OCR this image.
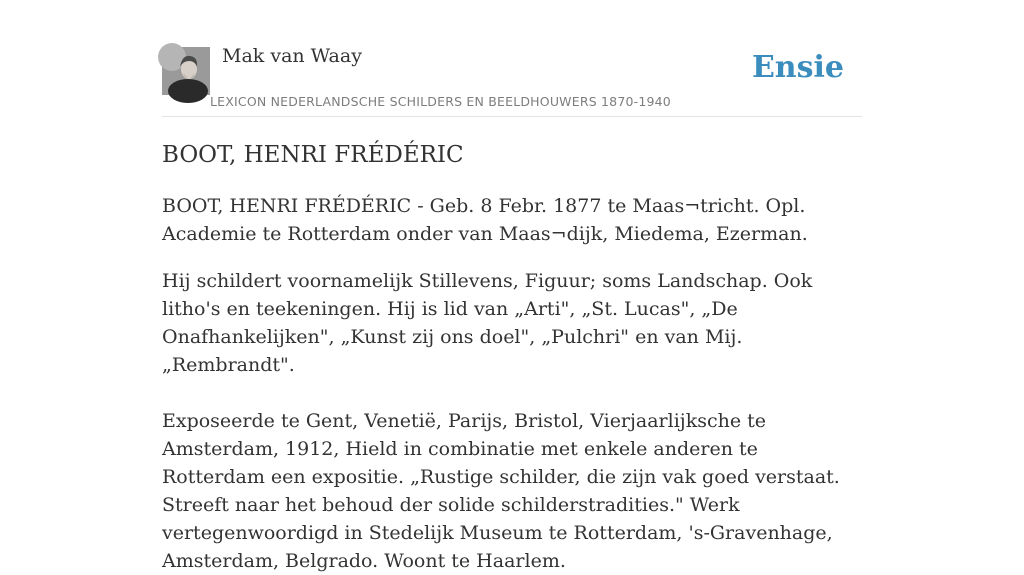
Mak van Waay
LEXICON NEDERLANDSCHE SCHILDERS EN BEELDHOUWERS 1870-1940
Ensie
BOOT, HENRI FRÉDÉRIC

BOOT, HENRI FRÉDÉRIC - Geb. 8 Febr. 1877 te Maas¬tricht. Opl. Academie te Rotterdam onder van Maas¬dijk, Miedema, Ezerman.

Hij schildert voornamelijk Stillevens, Figuur; soms Landschap. Ook litho's en teekeningen. Hij is lid van „Arti", „St. Lucas", „De Onafhankelijken", „Kunst zij ons doel", „Pulchri" en van Mij. „Rembrandt".

Exposeerde te Gent, Venetië, Parijs, Bristol, Vierjaarlijksche te Amsterdam, 1912, Hield in combinatie met enkele anderen te Rotterdam een expositie. „Rustige schilder, die zijn vak goed verstaat. Streeft naar het behoud der solide schilderstradities." Werk vertegenwoordigd in Stedelijk Museum te Rotterdam, 's-Gravenhage, Amsterdam, Belgrado. Woont te Haarlem.
